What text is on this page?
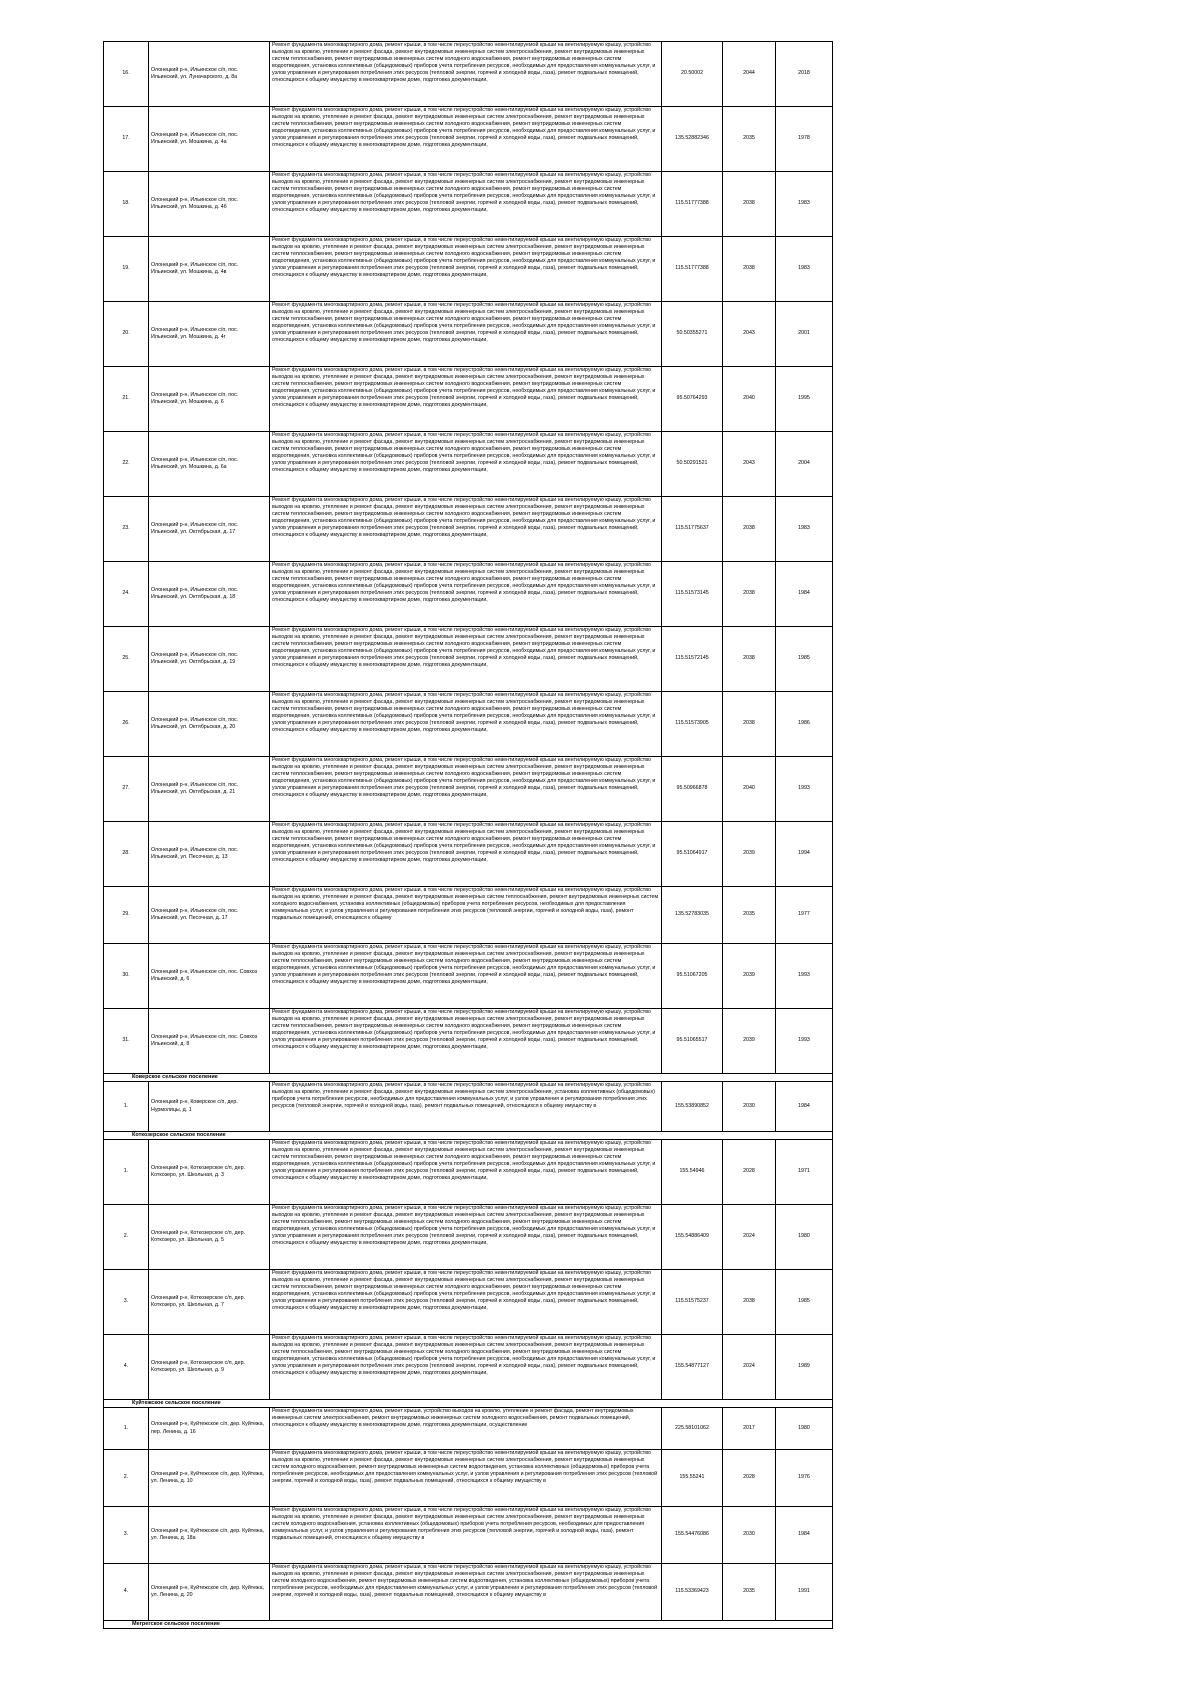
16.	Олонецкий р-н, Ильинское с/п, пос. Ильинский, ул. Луначарского, д. 8а	Ремонт фундамента многоквартирного дома, ремонт крыши, в том числе переустройство невентилируемой крыши на вентилируемую крышу, устройство выходов на кровлю, утепление и ремонт фасада, ремонт внутридомовых инженерных систем электроснабжения, ремонт внутридомовых инженерных систем теплоснабжения, ремонт внутридомовых инженерных систем холодного водоснабжения, ремонт внутридомовых инженерных систем водоотведения, установка коллективных (общедомовых) приборов учета потребления ресурсов, необходимых для предоставления коммунальных услуг, и узлов управления и регулирования потребления этих ресурсов (тепловой энергии, горячей и холодной воды, газа), ремонт подвальных помещений, относящихся к общему имуществу в многоквартирном доме, подготовка документации,	20.50002	2044	2018
17.	Олонецкий р-н, Ильинское с/п, пос. Ильинский, ул. Мошкина, д. 4а	Ремонт фундамента многоквартирного дома, ремонт крыши, в том числе переустройство невентилируемой крыши на вентилируемую крышу, устройство выходов на кровлю, утепление и ремонт фасада, ремонт внутридомовых инженерных систем электроснабжения, ремонт внутридомовых инженерных систем теплоснабжения, ремонт внутридомовых инженерных систем холодного водоснабжения, ремонт внутридомовых инженерных систем водоотведения, установка коллективных (общедомовых) приборов учета потребления ресурсов, необходимых для предоставления коммунальных услуг, и узлов управления и регулирования потребления этих ресурсов (тепловой энергии, горячей и холодной воды, газа), ремонт подвальных помещений, относящихся к общему имуществу в многоквартирном доме, подготовка документации,	135.52882346	2035	1978
18.	Олонецкий р-н, Ильинское с/п, пос. Ильинский, ул. Мошкина, д. 4б	Ремонт фундамента многоквартирного дома, ремонт крыши, в том числе переустройство невентилируемой крыши на вентилируемую крышу, устройство выходов на кровлю, утепление и ремонт фасада, ремонт внутридомовых инженерных систем электроснабжения, ремонт внутридомовых инженерных систем теплоснабжения, ремонт внутридомовых инженерных систем холодного водоснабжения, ремонт внутридомовых инженерных систем водоотведения, установка коллективных (общедомовых) приборов учета потребления ресурсов, необходимых для предоставления коммунальных услуг, и узлов управления и регулирования потребления этих ресурсов (тепловой энергии, горячей и холодной воды, газа), ремонт подвальных помещений, относящихся к общему имуществу в многоквартирном доме, подготовка документации,	115.51777388	2038	1983
19.	Олонецкий р-н, Ильинское с/п, пос. Ильинский, ул. Мошкина, д. 4в	Ремонт фундамента многоквартирного дома, ремонт крыши, в том числе переустройство невентилируемой крыши на вентилируемую крышу, устройство выходов на кровлю, утепление и ремонт фасада, ремонт внутридомовых инженерных систем электроснабжения, ремонт внутридомовых инженерных систем теплоснабжения, ремонт внутридомовых инженерных систем холодного водоснабжения, ремонт внутридомовых инженерных систем водоотведения, установка коллективных (общедомовых) приборов учета потребления ресурсов, необходимых для предоставления коммунальных услуг, и узлов управления и регулирования потребления этих ресурсов (тепловой энергии, горячей и холодной воды, газа), ремонт подвальных помещений, относящихся к общему имуществу в многоквартирном доме, подготовка документации,	115.51777388	2038	1983
20.	Олонецкий р-н, Ильинское с/п, пос. Ильинский, ул. Мошкина, д. 4г	Ремонт фундамента многоквартирного дома, ремонт крыши, в том числе переустройство невентилируемой крыши на вентилируемую крышу, устройство выходов на кровлю, утепление и ремонт фасада, ремонт внутридомовых инженерных систем электроснабжения, ремонт внутридомовых инженерных систем теплоснабжения, ремонт внутридомовых инженерных систем холодного водоснабжения, ремонт внутридомовых инженерных систем водоотведения, установка коллективных (общедомовых) приборов учета потребления ресурсов, необходимых для предоставления коммунальных услуг, и узлов управления и регулирования потребления этих ресурсов (тепловой энергии, горячей и холодной воды, газа), ремонт подвальных помещений, относящихся к общему имуществу в многоквартирном доме, подготовка документации,	50.50355271	2043	2001
21.	Олонецкий р-н, Ильинское с/п, пос. Ильинский, ул. Мошкина, д. 6	Ремонт фундамента многоквартирного дома, ремонт крыши, в том числе переустройство невентилируемой крыши на вентилируемую крышу, устройство выходов на кровлю, утепление и ремонт фасада, ремонт внутридомовых инженерных систем электроснабжения, ремонт внутридомовых инженерных систем теплоснабжения, ремонт внутридомовых инженерных систем холодного водоснабжения, ремонт внутридомовых инженерных систем водоотведения, установка коллективных (общедомовых) приборов учета потребления ресурсов, необходимых для предоставления коммунальных услуг, и узлов управления и регулирования потребления этих ресурсов (тепловой энергии, горячей и холодной воды, газа), ремонт подвальных помещений, относящихся к общему имуществу в многоквартирном доме, подготовка документации,	95.50764293	2040	1995
22.	Олонецкий р-н, Ильинское с/п, пос. Ильинский, ул. Мошкина, д. 6а	Ремонт фундамента многоквартирного дома, ремонт крыши, в том числе переустройство невентилируемой крыши на вентилируемую крышу, устройство выходов на кровлю, утепление и ремонт фасада, ремонт внутридомовых инженерных систем электроснабжения, ремонт внутридомовых инженерных систем теплоснабжения, ремонт внутридомовых инженерных систем холодного водоснабжения, ремонт внутридомовых инженерных систем водоотведения, установка коллективных (общедомовых) приборов учета потребления ресурсов, необходимых для предоставления коммунальных услуг, и узлов управления и регулирования потребления этих ресурсов (тепловой энергии, горячей и холодной воды, газа), ремонт подвальных помещений, относящихся к общему имуществу в многоквартирном доме, подготовка документации,	50.50291521	2043	2004
23.	Олонецкий р-н, Ильинское с/п, пос. Ильинский, ул. Октябрьская, д. 17	Ремонт фундамента многоквартирного дома, ремонт крыши, в том числе переустройство невентилируемой крыши на вентилируемую крышу, устройство выходов на кровлю, утепление и ремонт фасада, ремонт внутридомовых инженерных систем электроснабжения, ремонт внутридомовых инженерных систем теплоснабжения, ремонт внутридомовых инженерных систем холодного водоснабжения, ремонт внутридомовых инженерных систем водоотведения, установка коллективных (общедомовых) приборов учета потребления ресурсов, необходимых для предоставления коммунальных услуг, и узлов управления и регулирования потребления этих ресурсов (тепловой энергии, горячей и холодной воды, газа), ремонт подвальных помещений, относящихся к общему имуществу в многоквартирном доме, подготовка документации,	115.51775637	2038	1983
24.	Олонецкий р-н, Ильинское с/п, пос. Ильинский, ул. Октябрьская, д. 18	Ремонт фундамента многоквартирного дома, ремонт крыши, в том числе переустройство невентилируемой крыши на вентилируемую крышу, устройство выходов на кровлю, утепление и ремонт фасада, ремонт внутридомовых инженерных систем электроснабжения, ремонт внутридомовых инженерных систем теплоснабжения, ремонт внутридомовых инженерных систем холодного водоснабжения, ремонт внутридомовых инженерных систем водоотведения, установка коллективных (общедомовых) приборов учета потребления ресурсов, необходимых для предоставления коммунальных услуг, и узлов управления и регулирования потребления этих ресурсов (тепловой энергии, горячей и холодной воды, газа), ремонт подвальных помещений, относящихся к общему имуществу в многоквартирном доме, подготовка документации,	115.51573145	2038	1984
25.	Олонецкий р-н, Ильинское с/п, пос. Ильинский, ул. Октябрьская, д. 19	Ремонт фундамента многоквартирного дома, ремонт крыши, в том числе переустройство невентилируемой крыши на вентилируемую крышу, устройство выходов на кровлю, утепление и ремонт фасада, ремонт внутридомовых инженерных систем электроснабжения, ремонт внутридомовых инженерных систем теплоснабжения, ремонт внутридомовых инженерных систем холодного водоснабжения, ремонт внутридомовых инженерных систем водоотведения, установка коллективных (общедомовых) приборов учета потребления ресурсов, необходимых для предоставления коммунальных услуг, и узлов управления и регулирования потребления этих ресурсов (тепловой энергии, горячей и холодной воды, газа), ремонт подвальных помещений, относящихся к общему имуществу в многоквартирном доме, подготовка документации,	115.51572145	2038	1985
26.	Олонецкий р-н, Ильинское с/п, пос. Ильинский, ул. Октябрьская, д. 20	Ремонт фундамента многоквартирного дома, ремонт крыши, в том числе переустройство невентилируемой крыши на вентилируемую крышу, устройство выходов на кровлю, утепление и ремонт фасада, ремонт внутридомовых инженерных систем электроснабжения, ремонт внутридомовых инженерных систем теплоснабжения, ремонт внутридомовых инженерных систем холодного водоснабжения, ремонт внутридомовых инженерных систем водоотведения, установка коллективных (общедомовых) приборов учета потребления ресурсов, необходимых для предоставления коммунальных услуг, и узлов управления и регулирования потребления этих ресурсов (тепловой энергии, горячей и холодной воды, газа), ремонт подвальных помещений, относящихся к общему имуществу в многоквартирном доме, подготовка документации,	115.51573905	2038	1986
27.	Олонецкий р-н, Ильинское с/п, пос. Ильинский, ул. Октябрьская, д. 21	Ремонт фундамента многоквартирного дома, ремонт крыши, в том числе переустройство невентилируемой крыши на вентилируемую крышу, устройство выходов на кровлю, утепление и ремонт фасада, ремонт внутридомовых инженерных систем электроснабжения, ремонт внутридомовых инженерных систем теплоснабжения, ремонт внутридомовых инженерных систем холодного водоснабжения, ремонт внутридомовых инженерных систем водоотведения, установка коллективных (общедомовых) приборов учета потребления ресурсов, необходимых для предоставления коммунальных услуг, и узлов управления и регулирования потребления этих ресурсов (тепловой энергии, горячей и холодной воды, газа), ремонт подвальных помещений, относящихся к общему имуществу в многоквартирном доме, подготовка документации,	95.50966878	2040	1993
28.	Олонецкий р-н, Ильинское с/п, пос. Ильинский, ул. Песочная, д. 13	Ремонт фундамента многоквартирного дома, ремонт крыши, в том числе переустройство невентилируемой крыши на вентилируемую крышу, устройство выходов на кровлю, утепление и ремонт фасада, ремонт внутридомовых инженерных систем электроснабжения, ремонт внутридомовых инженерных систем теплоснабжения, ремонт внутридомовых инженерных систем холодного водоснабжения, ремонт внутридомовых инженерных систем водоотведения, установка коллективных (общедомовых) приборов учета потребления ресурсов, необходимых для предоставления коммунальных услуг, и узлов управления и регулирования потребления этих ресурсов (тепловой энергии, горячей и холодной воды, газа), ремонт подвальных помещений, относящихся к общему имуществу в многоквартирном доме, подготовка документации,	95.51064917	2039	1994
29.	Олонецкий р-н, Ильинское с/п, пос. Ильинский, ул. Песочная, д. 17	Ремонт фундамента многоквартирного дома, ремонт крыши, в том числе переустройство невентилируемой крыши на вентилируемую крышу, устройство выходов на кровлю, утепление и ремонт фасада, ремонт внутридомовых инженерных систем теплоснабжения, ремонт внутридомовых инженерных систем холодного водоснабжения, установка коллективных (общедомовых) приборов учета потребления ресурсов, необходимых для предоставления коммунальных услуг, и узлов управления и регулирования потребления этих ресурсов (тепловой энергии, горячей и холодной воды, газа), ремонт подвальных помещений, относящихся к общему	135.52783035	2035	1977
30.	Олонецкий р-н, Ильинское с/п, пос. Совхоз Ильинский, д. 6	Ремонт фундамента многоквартирного дома, ремонт крыши, в том числе переустройство невентилируемой крыши на вентилируемую крышу, устройство выходов на кровлю, утепление и ремонт фасада, ремонт внутридомовых инженерных систем электроснабжения, ремонт внутридомовых инженерных систем теплоснабжения, ремонт внутридомовых инженерных систем холодного водоснабжения, ремонт внутридомовых инженерных систем водоотведения, установка коллективных (общедомовых) приборов учета потребления ресурсов, необходимых для предоставления коммунальных услуг, и узлов управления и регулирования потребления этих ресурсов (тепловой энергии, горячей и холодной воды, газа), ремонт подвальных помещений, относящихся к общему имуществу в многоквартирном доме, подготовка документации,	95.51067205	2039	1993
31.	Олонецкий р-н, Ильинское с/п, пос. Совхоз Ильинский, д. 8	Ремонт фундамента многоквартирного дома, ремонт крыши, в том числе переустройство невентилируемой крыши на вентилируемую крышу, устройство выходов на кровлю, утепление и ремонт фасада, ремонт внутридомовых инженерных систем электроснабжения, ремонт внутридомовых инженерных систем теплоснабжения, ремонт внутридомовых инженерных систем холодного водоснабжения, ремонт внутридомовых инженерных систем водоотведения, установка коллективных (общедомовых) приборов учета потребления ресурсов, необходимых для предоставления коммунальных услуг, и узлов управления и регулирования потребления этих ресурсов (тепловой энергии, горячей и холодной воды, газа), ремонт подвальных помещений, относящихся к общему имуществу в многоквартирном доме, подготовка документации,	95.51065517	2039	1993
Коверское сельское поселение					
1.	Олонецкий р-н, Коверское с/п, дер. Нурмолицы, д. 1	Ремонт фундамента многоквартирного дома, ремонт крыши, в том числе переустройство невентилируемой крыши на вентилируемую крышу, устройство выходов на кровлю, утепление и ремонт фасада, ремонт внутридомовых инженерных систем электроснабжения, установка коллективных (общедомовых) приборов учета потребления ресурсов, необходимых для предоставления коммунальных услуг, и узлов управления и регулирования потребления этих ресурсов (тепловой энергии, горячей и холодной воды, газа), ремонт подвальных помещений, относящихся к общему имуществу в	155.53890852	2030	1984
Коткозерское сельское поселение					
1.	Олонецкий р-н, Коткозерское с/п, дер. Коткозеро, ул. Школьная, д. 3	Ремонт фундамента многоквартирного дома, ремонт крыши, в том числе переустройство невентилируемой крыши на вентилируемую крышу, устройство выходов на кровлю, утепление и ремонт фасада, ремонт внутридомовых инженерных систем электроснабжения, ремонт внутридомовых инженерных систем теплоснабжения, ремонт внутридомовых инженерных систем холодного водоснабжения, ремонт внутридомовых инженерных систем водоотведения, установка коллективных (общедомовых) приборов учета потребления ресурсов, необходимых для предоставления коммунальных услуг, и узлов управления и регулирования потребления этих ресурсов (тепловой энергии, горячей и холодной воды, газа), ремонт подвальных помещений, относящихся к общему имуществу в многоквартирном доме, подготовка документации,	155.54946	2028	1971
2.	Олонецкий р-н, Коткозерское с/п, дер. Коткозеро, ул. Школьная, д. 5	Ремонт фундамента многоквартирного дома, ремонт крыши, в том числе переустройство невентилируемой крыши на вентилируемую крышу, устройство выходов на кровлю, утепление и ремонт фасада, ремонт внутридомовых инженерных систем электроснабжения, ремонт внутридомовых инженерных систем теплоснабжения, ремонт внутридомовых инженерных систем холодного водоснабжения, ремонт внутридомовых инженерных систем водоотведения, установка коллективных (общедомовых) приборов учета потребления ресурсов, необходимых для предоставления коммунальных услуг, и узлов управления и регулирования потребления этих ресурсов (тепловой энергии, горячей и холодной воды, газа), ремонт подвальных помещений, относящихся к общему имуществу в многоквартирном доме, подготовка документации,	155.54886409	2024	1980
3.	Олонецкий р-н, Коткозерское с/п, дер. Коткозеро, ул. Школьная, д. 7	Ремонт фундамента многоквартирного дома, ремонт крыши, в том числе переустройство невентилируемой крыши на вентилируемую крышу, устройство выходов на кровлю, утепление и ремонт фасада, ремонт внутридомовых инженерных систем электроснабжения, ремонт внутридомовых инженерных систем теплоснабжения, ремонт внутридомовых инженерных систем холодного водоснабжения, ремонт внутридомовых инженерных систем водоотведения, установка коллективных (общедомовых) приборов учета потребления ресурсов, необходимых для предоставления коммунальных услуг, и узлов управления и регулирования потребления этих ресурсов (тепловой энергии, горячей и холодной воды, газа), ремонт подвальных помещений, относящихся к общему имуществу в многоквартирном доме, подготовка документации,	115.51575237	2038	1985
4.	Олонецкий р-н, Коткозерское с/п, дер. Коткозеро, ул. Школьная, д. 9	Ремонт фундамента многоквартирного дома, ремонт крыши, в том числе переустройство невентилируемой крыши на вентилируемую крышу, устройство выходов на кровлю, утепление и ремонт фасада, ремонт внутридомовых инженерных систем электроснабжения, ремонт внутридомовых инженерных систем теплоснабжения, ремонт внутридомовых инженерных систем холодного водоснабжения, ремонт внутридомовых инженерных систем водоотведения, установка коллективных (общедомовых) приборов учета потребления ресурсов, необходимых для предоставления коммунальных услуг, и узлов управления и регулирования потребления этих ресурсов (тепловой энергии, горячей и холодной воды, газа), ремонт подвальных помещений, относящихся к общему имуществу в многоквартирном доме, подготовка документации,	155.54877127	2024	1989
Куйтежское сельское поселение					
1.	Олонецкий р-н, Куйтежское с/п, дер. Куйтежа, пер. Ленина, д. 16	Ремонт фундамента многоквартирного дома, ремонт крыши, устройство выходов на кровлю, утепление и ремонт фасада, ремонт внутридомовых инженерных систем электроснабжения, ремонт внутридомовых инженерных систем холодного водоснабжения, ремонт подвальных помещений, относящихся к общему имуществу в многоквартирном доме, подготовка документации, осуществление	225.58101062	2017	1980
2.	Олонецкий р-н, Куйтежское с/п, дер. Куйтежа, ул. Ленина, д. 10	Ремонт фундамента многоквартирного дома, ремонт крыши, в том числе переустройство невентилируемой крыши на вентилируемую крышу, устройство выходов на кровлю, утепление и ремонт фасада, ремонт внутридомовых инженерных систем электроснабжения, ремонт внутридомовых инженерных систем холодного водоснабжения, ремонт внутридомовых инженерных систем водоотведения, установка коллективных (общедомовых) приборов учета потребления ресурсов, необходимых для предоставления коммунальных услуг, и узлов управления и регулирования потребления этих ресурсов (тепловой энергии, горячей и холодной воды, газа), ремонт подвальных помещений, относящихся к общему имуществу в	155.55241	2028	1976
3.	Олонецкий р-н, Куйтежское с/п, дер. Куйтежа, ул. Ленина, д. 18а	Ремонт фундамента многоквартирного дома, ремонт крыши, в том числе переустройство невентилируемой крыши на вентилируемую крышу, устройство выходов на кровлю, утепление и ремонт фасада, ремонт внутридомовых инженерных систем электроснабжения, ремонт внутридомовых инженерных систем холодного водоснабжения, установка коллективных (общедомовых) приборов учета потребления ресурсов, необходимых для предоставления коммунальных услуг, и узлов управления и регулирования потребления этих ресурсов (тепловой энергии, горячей и холодной воды, газа), ремонт подвальных помещений, относящихся к общему имуществу в	155.54476086	2030	1984
4.	Олонецкий р-н, Куйтежское с/п, дер. Куйтежа, ул. Ленина, д. 20	Ремонт фундамента многоквартирного дома, ремонт крыши, в том числе переустройство невентилируемой крыши на вентилируемую крышу, устройство выходов на кровлю, утепление и ремонт фасада, ремонт внутридомовых инженерных систем электроснабжения, ремонт внутридомовых инженерных систем холодного водоснабжения, ремонт внутридомовых инженерных систем водоотведения, установка коллективных (общедомовых) приборов учета потребления ресурсов, необходимых для предоставления коммунальных услуг, и узлов управления и регулирования потребления этих ресурсов (тепловой энергии, горячей и холодной воды, газа), ремонт подвальных помещений, относящихся к общему имуществу в	115.53369423	2035	1991
Мегрегское сельское поселение					
